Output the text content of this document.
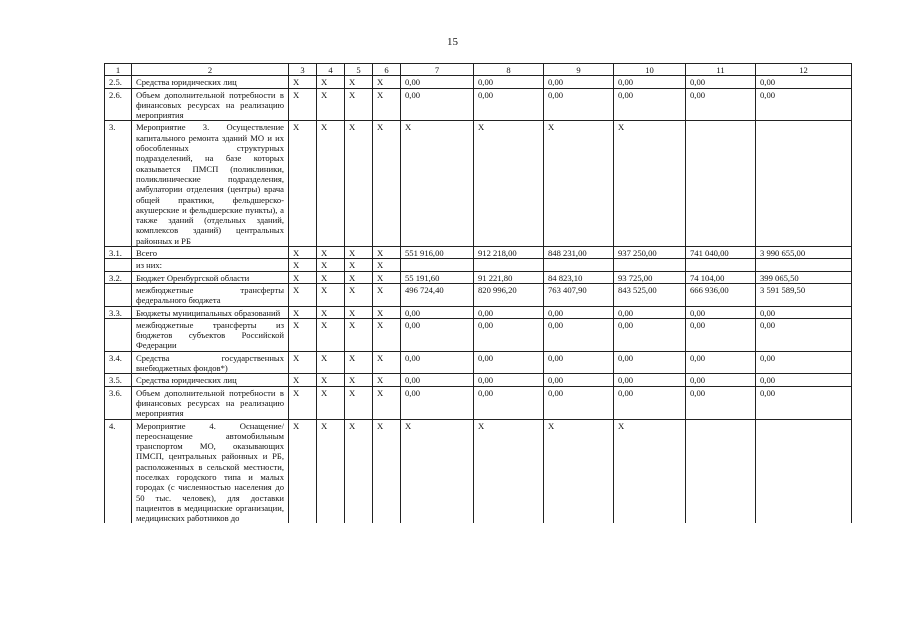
15
1	2	3	4	5	6	7	8	9	10	11	12
2.5.	Средства юридических лиц	X	X	X	X	0,00	0,00	0,00	0,00	0,00	0,00
2.6.	Объем дополнительной потребности в финансовых ресурсах на реализацию мероприятия	X	X	X	X	0,00	0,00	0,00	0,00	0,00	0,00
3.	Мероприятие 3. Осуществление капитального ремонта зданий МО и их обособленных структурных подразделений, на базе которых оказывается ПМСП (поликлиники, поликлинические подразделения, амбулатории отделения (центры) врача общей практики, фельдшерско-акушерские и фельдшерские пункты), а также зданий (отдельных зданий, комплексов зданий) центральных районных и РБ	X	X	X	X	X	X	X	X		
3.1.	Всего	X	X	X	X	551 916,00	912 218,00	848 231,00	937 250,00	741 040,00	3 990 655,00
	из них:	X	X	X	X						
3.2.	Бюджет Оренбургской области	X	X	X	X	55 191,60	91 221,80	84 823,10	93 725,00	74 104,00	399 065,50
	межбюджетные трансферты федерального бюджета	X	X	X	X	496 724,40	820 996,20	763 407,90	843 525,00	666 936,00	3 591 589,50
3.3.	Бюджеты муниципальных образований	X	X	X	X	0,00	0,00	0,00	0,00	0,00	0,00
	межбюджетные трансферты из бюджетов субъектов Российской Федерации	X	X	X	X	0,00	0,00	0,00	0,00	0,00	0,00
3.4.	Средства государственных внебюджетных фондов*)	X	X	X	X	0,00	0,00	0,00	0,00	0,00	0,00
3.5.	Средства юридических лиц	X	X	X	X	0,00	0,00	0,00	0,00	0,00	0,00
3.6.	Объем дополнительной потребности в финансовых ресурсах на реализацию мероприятия	X	X	X	X	0,00	0,00	0,00	0,00	0,00	0,00
4.	Мероприятие 4. Оснащение/переоснащение автомобильным транспортом МО, оказывающих ПМСП, центральных районных и РБ, расположенных в сельской местности, поселках городского типа и малых городах (с численностью населения до 50 тыс. человек), для доставки пациентов в медицинские организации, медицинских работников до	X	X	X	X	X	X	X	X		
